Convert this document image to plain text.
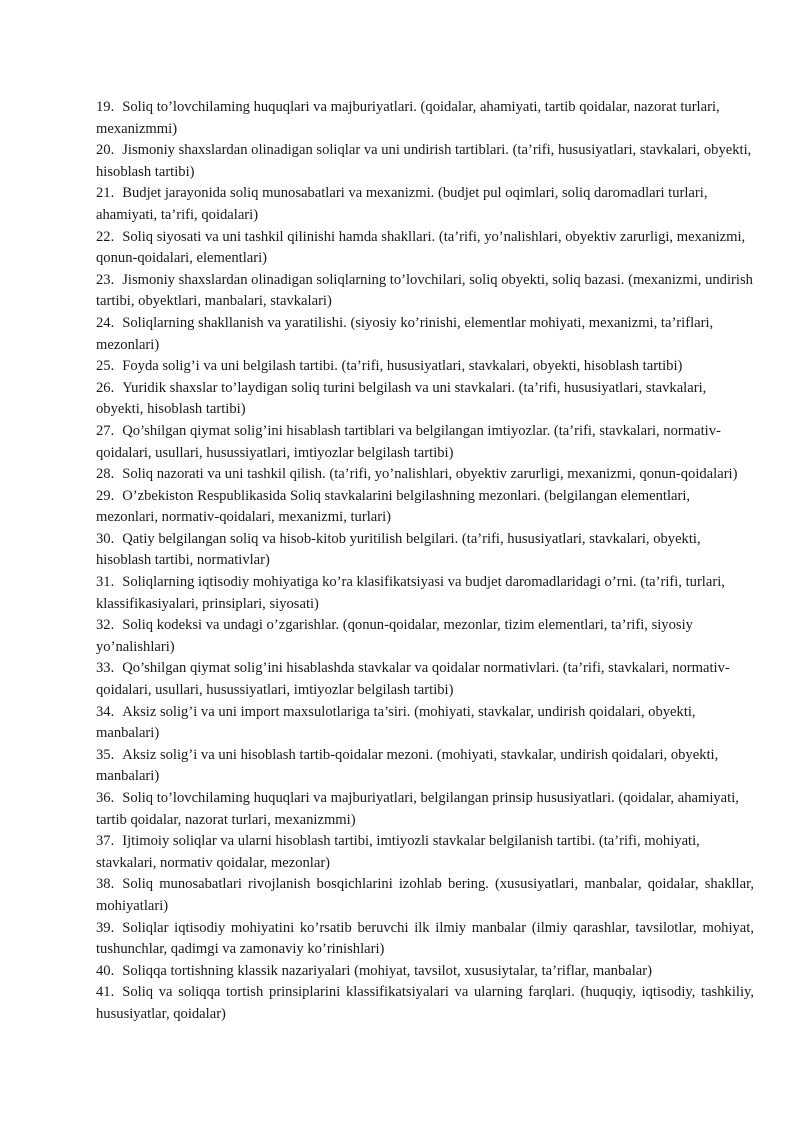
19. Soliq to’lovchilaming huquqlari va majburiyatlari. (qoidalar, ahamiyati, tartib qoidalar, nazorat turlari, mexanizmmi)

20. Jismoniy shaxslardan olinadigan soliqlar va uni undirish tartiblari. (ta’rifi, hususiyatlari, stavkalari, obyekti, hisoblash tartibi)

21. Budjet jarayonida soliq munosabatlari va mexanizmi. (budjet pul oqimlari, soliq daromadlari turlari, ahamiyati, ta’rifi, qoidalari)

22. Soliq siyosati va uni tashkil qilinishi hamda shakllari. (ta’rifi, yo’nalishlari, obyektiv zarurligi, mexanizmi, qonun-qoidalari, elementlari)

23. Jismoniy shaxslardan olinadigan soliqlarning to’lovchilari, soliq obyekti, soliq bazasi. (mexanizmi, undirish tartibi, obyektlari, manbalari, stavkalari)

24. Soliqlarning shakllanish va yaratilishi. (siyosiy ko’rinishi, elementlar mohiyati, mexanizmi, ta’riflari, mezonlari)

25. Foyda solig’i va uni belgilash tartibi. (ta’rifi, hususiyatlari, stavkalari, obyekti, hisoblash tartibi)

26. Yuridik shaxslar to’laydigan soliq turini belgilash va uni stavkalari. (ta’rifi, hususiyatlari, stavkalari, obyekti, hisoblash tartibi)

27. Qo’shilgan qiymat solig’ini hisablash tartiblari va belgilangan imtiyozlar. (ta’rifi, stavkalari, normativ-qoidalari, usullari, husussiyatlari, imtiyozlar belgilash tartibi)

28. Soliq nazorati va uni tashkil qilish. (ta’rifi, yo’nalishlari, obyektiv zarurligi, mexanizmi, qonun-qoidalari)

29. O’zbekiston Respublikasida Soliq stavkalarini belgilashning mezonlari. (belgilangan elementlari, mezonlari, normativ-qoidalari, mexanizmi, turlari)

30. Qatiy belgilangan soliq va hisob-kitob yuritilish belgilari. (ta’rifi, hususiyatlari, stavkalari, obyekti, hisoblash tartibi, normativlar)

31. Soliqlarning iqtisodiy mohiyatiga ko’ra klasifikatsiyasi va budjet daromadlaridagi o’rni. (ta’rifi, turlari, klassifikasiyalari, prinsiplari, siyosati)

32. Soliq kodeksi va undagi o’zgarishlar. (qonun-qoidalar, mezonlar, tizim elementlari, ta’rifi, siyosiy yo’nalishlari)

33. Qo’shilgan qiymat solig’ini hisablashda stavkalar va qoidalar normativlari. (ta’rifi, stavkalari, normativ-qoidalari, usullari, husussiyatlari, imtiyozlar belgilash tartibi)

34. Aksiz solig’i va uni import maxsulotlariga ta’siri. (mohiyati, stavkalar, undirish qoidalari, obyekti, manbalari)

35. Aksiz solig’i va uni hisoblash tartib-qoidalar mezoni. (mohiyati, stavkalar, undirish qoidalari, obyekti, manbalari)

36. Soliq to’lovchilaming huquqlari va majburiyatlari, belgilangan prinsip hususiyatlari. (qoidalar, ahamiyati, tartib qoidalar, nazorat turlari, mexanizmmi)

37. Ijtimoiy soliqlar va ularni hisoblash tartibi, imtiyozli stavkalar belgilanish tartibi. (ta’rifi, mohiyati, stavkalari, normativ qoidalar, mezonlar)

38. Soliq munosabatlari rivojlanish bosqichlarini izohlab bering. (xususiyatlari, manbalar, qoidalar, shakllar, mohiyatlari)

39. Soliqlar iqtisodiy mohiyatini ko’rsatib beruvchi ilk ilmiy manbalar (ilmiy qarashlar, tavsilotlar, mohiyat, tushunchlar, qadimgi va zamonaviy ko’rinishlari)

40. Soliqqa tortishning klassik nazariyalari (mohiyat, tavsilot, xususiytalar, ta’riflar, manbalar)

41. Soliq va soliqqa tortish prinsiplarini klassifikatsiyalari va ularning farqlari. (huquqiy, iqtisodiy, tashkiliy, hususiyatlar, qoidalar)
